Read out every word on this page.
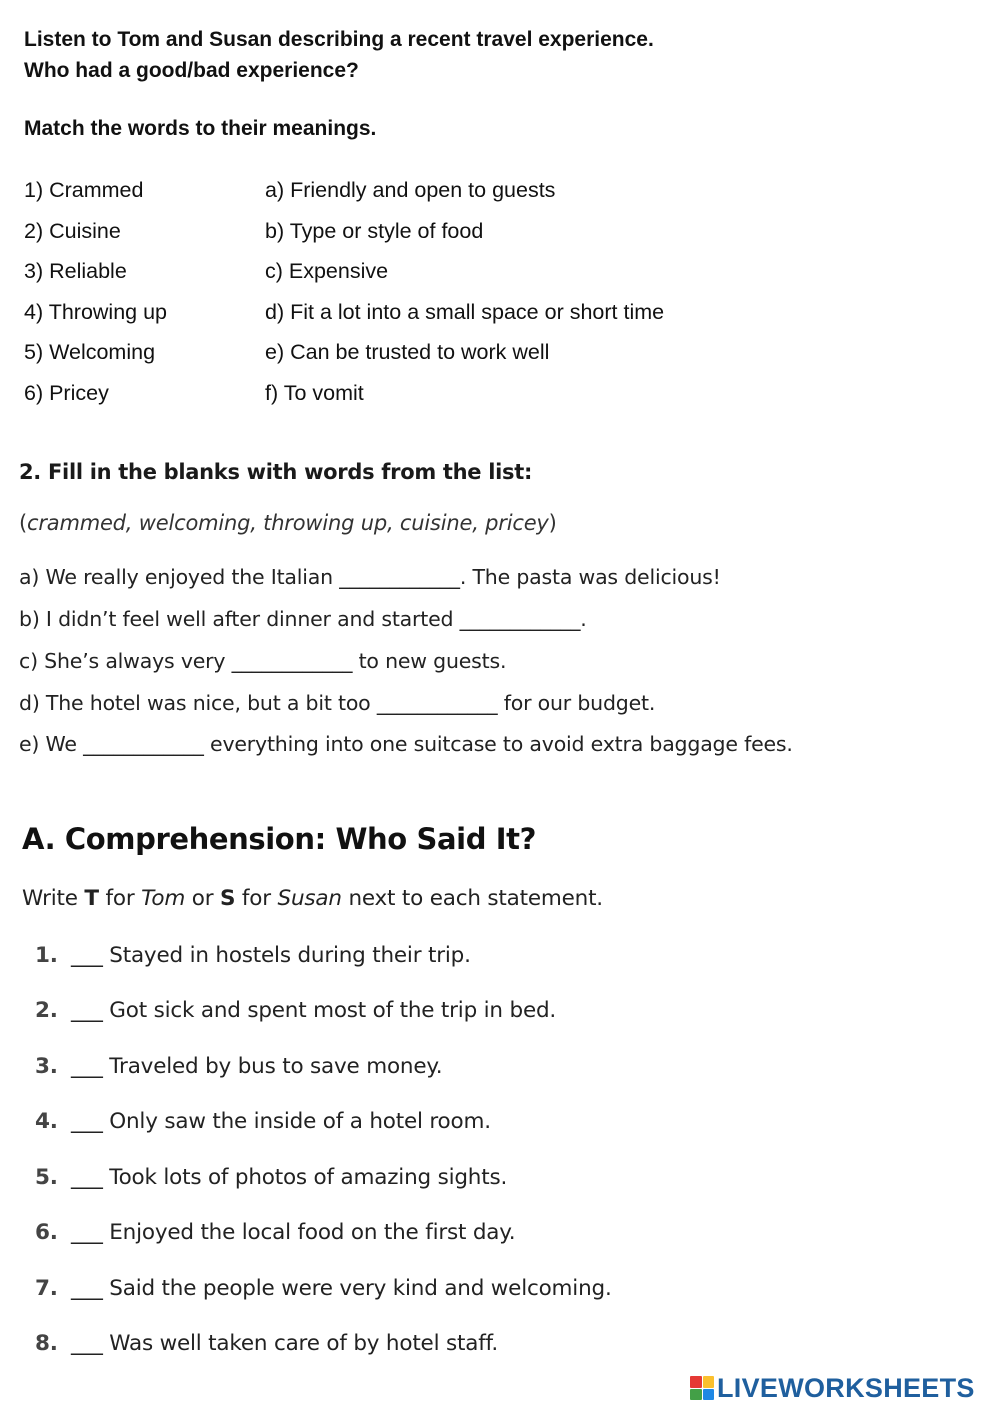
Listen to Tom and Susan describing a recent travel experience.

Who had a good/bad experience?

Match the words to their meanings.
1) Crammed	a) Friendly and open to guests
2) Cuisine	b) Type or style of food
3) Reliable	c) Expensive
4) Throwing up	d) Fit a lot into a small space or short time
5) Welcoming	e) Can be trusted to work well
6) Pricey	f) To vomit
2. Fill in the blanks with words from the list:
(crammed, welcoming, throwing up, cuisine, pricey)
a) We really enjoyed the Italian ____________. The pasta was delicious!
b) I didn’t feel well after dinner and started ____________.
c) She’s always very ____________ to new guests.
d) The hotel was nice, but a bit too ____________ for our budget.
e) We ____________ everything into one suitcase to avoid extra baggage fees.
A. Comprehension: Who Said It?
Write T for Tom or S for Susan next to each statement.
1. ___ Stayed in hostels during their trip.
2. ___ Got sick and spent most of the trip in bed.
3. ___ Traveled by bus to save money.
4. ___ Only saw the inside of a hotel room.
5. ___ Took lots of photos of amazing sights.
6. ___ Enjoyed the local food on the first day.
7. ___ Said the people were very kind and welcoming.
8. ___ Was well taken care of by hotel staff.
LIVEWORKSHEETS
